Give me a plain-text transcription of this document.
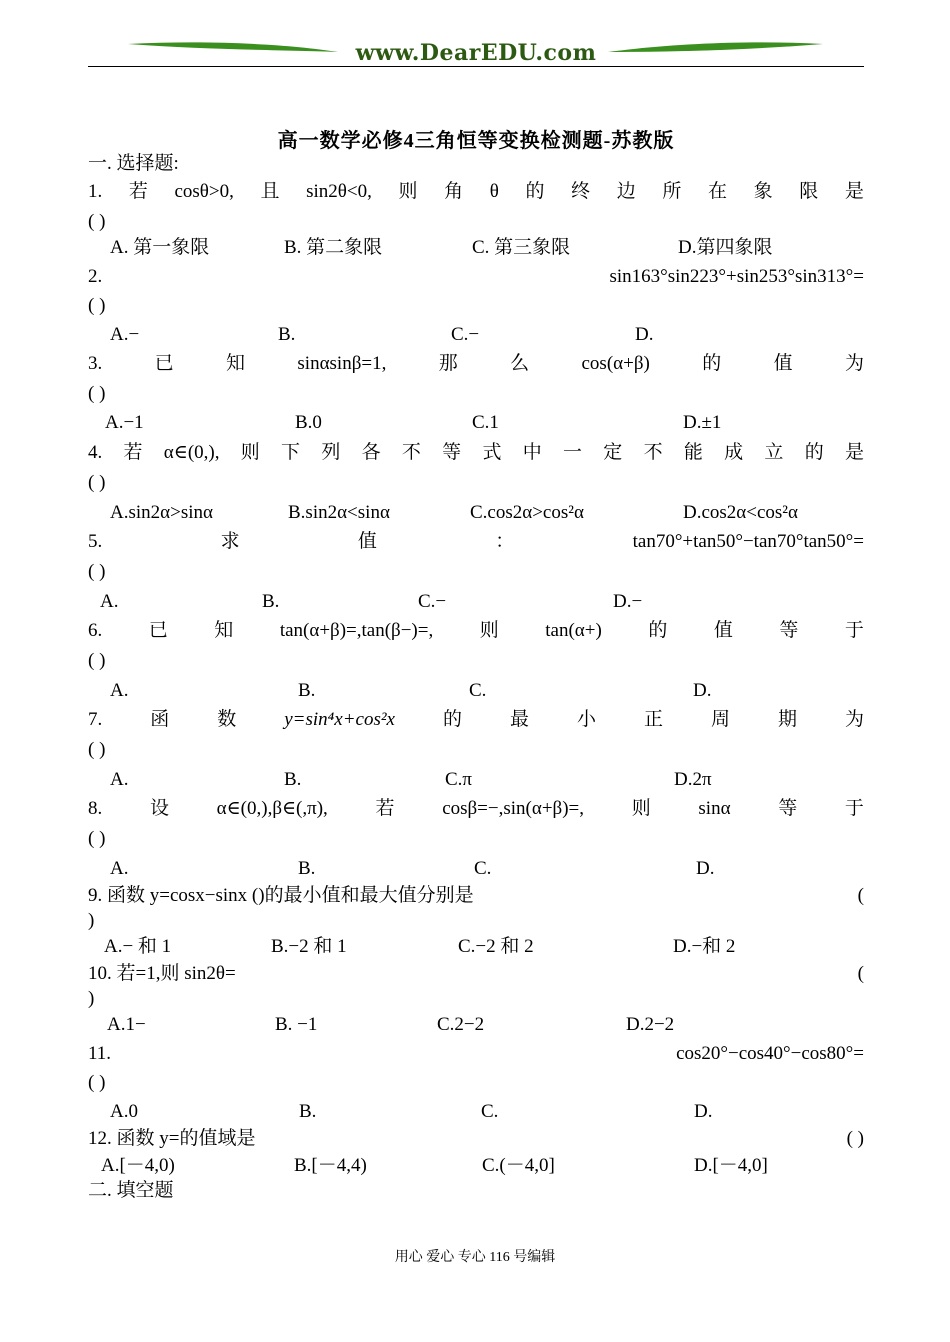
www.DearEDU.com
高一数学必修4三角恒等变换检测题-苏教版
一. 选择题:
1. 若 cosθ>0, 且 sin2θ<0, 则 角 θ 的 终 边 所 在 象 限 是
( )
A. 第一象限	B. 第二象限	C. 第三象限	D.第四象限
2.	sin163°sin223°+sin253°sin313°=
( )
A.−	B.	C.−	D.
3.	已	知	sinαsinβ=1,	那	么	cos(α+β)	的	值	为
( )
A.−1	B.0	C.1	D.±1
4. 若 α∈(0,), 则 下 列 各 不 等 式 中 一 定 不 能 成 立 的 是
( )
A.sin2α>sinα	B.sin2α<sinα	C.cos2α>cos²α	D.cos2α<cos²α
5.	求	值	：	tan70°+tan50°−tan70°tan50°=
( )
A.	B.	C.−	D.−
6. 已 知 tan(α+β)=,tan(β−)=, 则 tan(α+) 的 值 等 于
( )
A.	B.	C.	D.
7.	函	数	y=sin⁴x+cos²x	的	最	小	正	周	期	为
( )
A.	B.	C.π	D.2π
8.	设	α∈(0,),β∈(,π),	若	cosβ=−,sin(α+β)=,	则	sinα	等	于
( )
A.	B.	C.	D.
9. 函数 y=cosx−sinx ()的最小值和最大值分别是	(
)
A.− 和 1	B.−2 和 1	C.−2 和 2	D.−和 2
10. 若=1,则 sin2θ=	(
)
A.1−	B. −1	C.2−2	D.2−2
11.	cos20°−cos40°−cos80°=
( )
A.0	B.	C.	D.
12. 函数 y=的值域是	( )
A.[－4,0)	B.[－4,4)	C.(－4,0]	D.[－4,0]
二. 填空题
用心 爱心 专心 116 号编辑
